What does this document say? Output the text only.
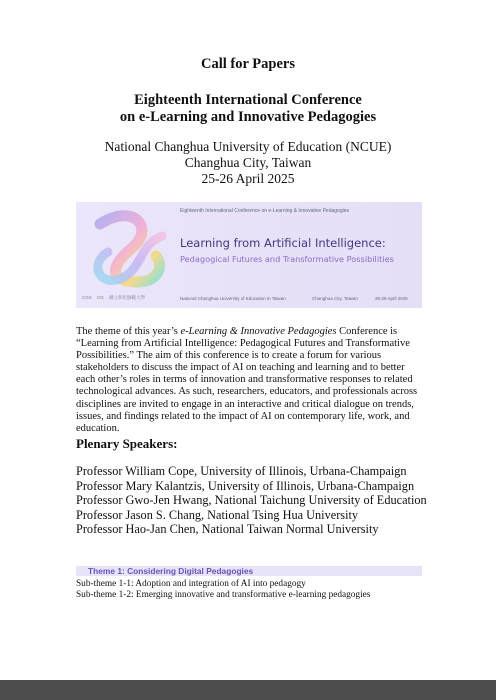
Call for Papers
Eighteenth International Conference
on e-Learning and Innovative Pedagogies
National Changhua University of Education (NCUE)
Changhua City, Taiwan
25-26 April 2025
Eighteenth International Conference on e-Learning & Innovative Pedagogies
Learning from Artificial Intelligence:
Pedagogical Futures and Transformative Possibilities
CGS CG 國立彰化師範大學	National Changhua University of Education in Taiwan	Changhua City, Taiwan	25-26 April 2025
The theme of this year’s e-Learning & Innovative Pedagogies Conference is “Learning from Artificial Intelligence: Pedagogical Futures and Transformative Possibilities.” The aim of this conference is to create a forum for various stakeholders to discuss the impact of AI on teaching and learning and to better each other’s roles in terms of innovation and transformative responses to related technological advances. As such, researchers, educators, and professionals across disciplines are invited to engage in an interactive and critical dialogue on trends, issues, and findings related to the impact of AI on contemporary life, work, and education.
Plenary Speakers:
Professor William Cope, University of Illinois, Urbana-Champaign
Professor Mary Kalantzis, University of Illinois, Urbana-Champaign
Professor Gwo-Jen Hwang, National Taichung University of Education
Professor Jason S. Chang, National Tsing Hua University
Professor Hao-Jan Chen, National Taiwan Normal University
Theme 1: Considering Digital Pedagogies
Sub-theme 1-1: Adoption and integration of AI into pedagogy
Sub-theme 1-2: Emerging innovative and transformative e-learning pedagogies
